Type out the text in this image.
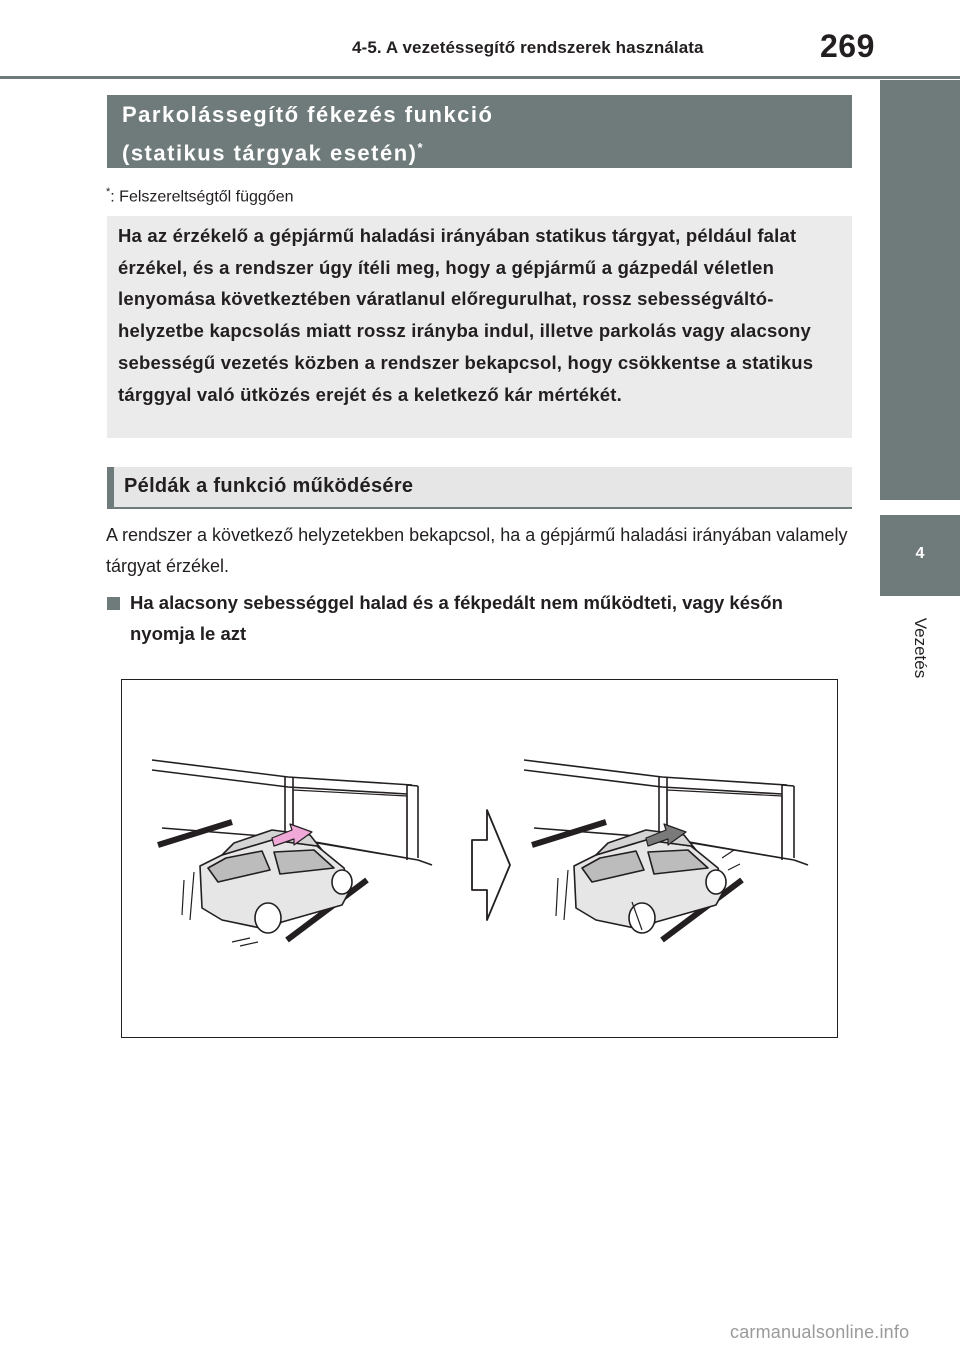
4-5. A vezetéssegítő rendszerek használata	269
4
Vezetés
Parkolássegítő fékezés funkció
(statikus tárgyak esetén)*
*: Felszereltségtől függően
Ha az érzékelő a gépjármű haladási irányában statikus tárgyat, például falat érzékel, és a rendszer úgy ítéli meg, hogy a gépjármű a gázpedál véletlen lenyomása következtében váratlanul előregurulhat, rossz sebességváltó-helyzetbe kapcsolás miatt rossz irányba indul, illetve parkolás vagy alacsony sebességű vezetés közben a rendszer bekapcsol, hogy csökkentse a statikus tárggyal való ütközés erejét és a keletkező kár mértékét.
Példák a funkció működésére
A rendszer a következő helyzetekben bekapcsol, ha a gépjármű haladási irányában valamely tárgyat érzékel.
Ha alacsony sebességgel halad és a fékpedált nem működteti, vagy későn nyomja le azt
carmanualsonline.info
